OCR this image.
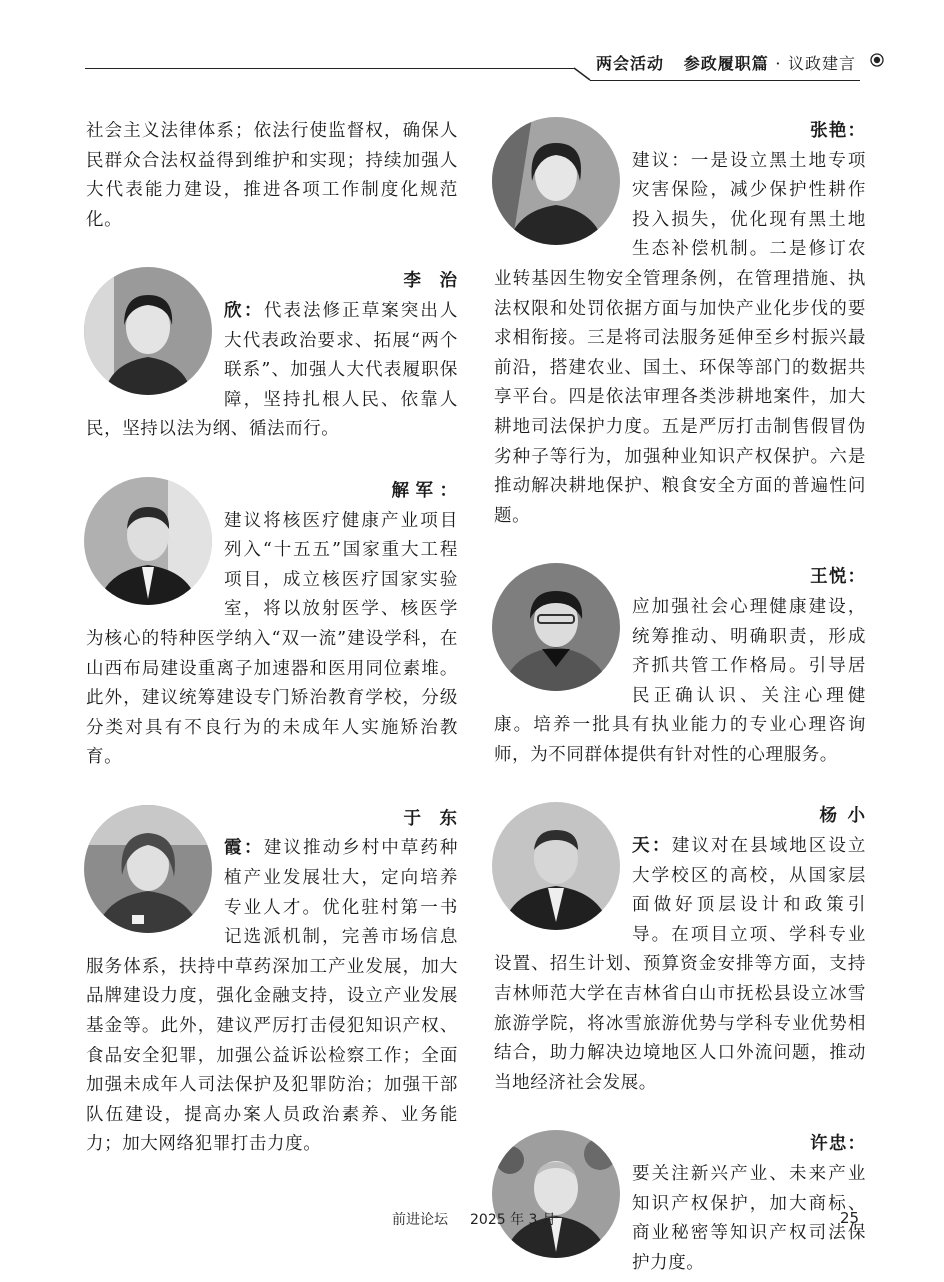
两会活动 参政履职篇 · 议政建言

社会主义法律体系；依法行使监督权，确保人民群众合法权益得到维护和实现；持续加强人大代表能力建设，推进各项工作制度化规范化。

李治欣：代表法修正草案突出人大代表政治要求、拓展“两个联系”、加强人大代表履职保障，坚持扎根人民、依靠人民，坚持以法为纲、循法而行。

解军：建议将核医疗健康产业项目列入“十五五”国家重大工程项目，成立核医疗国家实验室，将以放射医学、核医学为核心的特种医学纳入“双一流”建设学科，在山西布局建设重离子加速器和医用同位素堆。此外，建议统筹建设专门矫治教育学校，分级分类对具有不良行为的未成年人实施矫治教育。

于东霞：建议推动乡村中草药种植产业发展壮大，定向培养专业人才。优化驻村第一书记选派机制，完善市场信息服务体系，扶持中草药深加工产业发展，加大品牌建设力度，强化金融支持，设立产业发展基金等。此外，建议严厉打击侵犯知识产权、食品安全犯罪，加强公益诉讼检察工作；全面加强未成年人司法保护及犯罪防治；加强干部队伍建设，提高办案人员政治素养、业务能力；加大网络犯罪打击力度。

张艳：建议：一是设立黑土地专项灾害保险，减少保护性耕作投入损失，优化现有黑土地生态补偿机制。二是修订农业转基因生物安全管理条例，在管理措施、执法权限和处罚依据方面与加快产业化步伐的要求相衔接。三是将司法服务延伸至乡村振兴最前沿，搭建农业、国土、环保等部门的数据共享平台。四是依法审理各类涉耕地案件，加大耕地司法保护力度。五是严厉打击制售假冒伪劣种子等行为，加强种业知识产权保护。六是推动解决耕地保护、粮食安全方面的普遍性问题。

王悦：应加强社会心理健康建设，统筹推动、明确职责，形成齐抓共管工作格局。引导居民正确认识、关注心理健康。培养一批具有执业能力的专业心理咨询师，为不同群体提供有针对性的心理服务。

杨小天：建议对在县域地区设立大学校区的高校，从国家层面做好顶层设计和政策引导。在项目立项、学科专业设置、招生计划、预算资金安排等方面，支持吉林师范大学在吉林省白山市抚松县设立冰雪旅游学院，将冰雪旅游优势与学科专业优势相结合，助力解决边境地区人口外流问题，推动当地经济社会发展。

许忠：要关注新兴产业、未来产业知识产权保护，加大商标、商业秘密等知识产权司法保护力度。

前进论坛 2025 年 3 月	25
